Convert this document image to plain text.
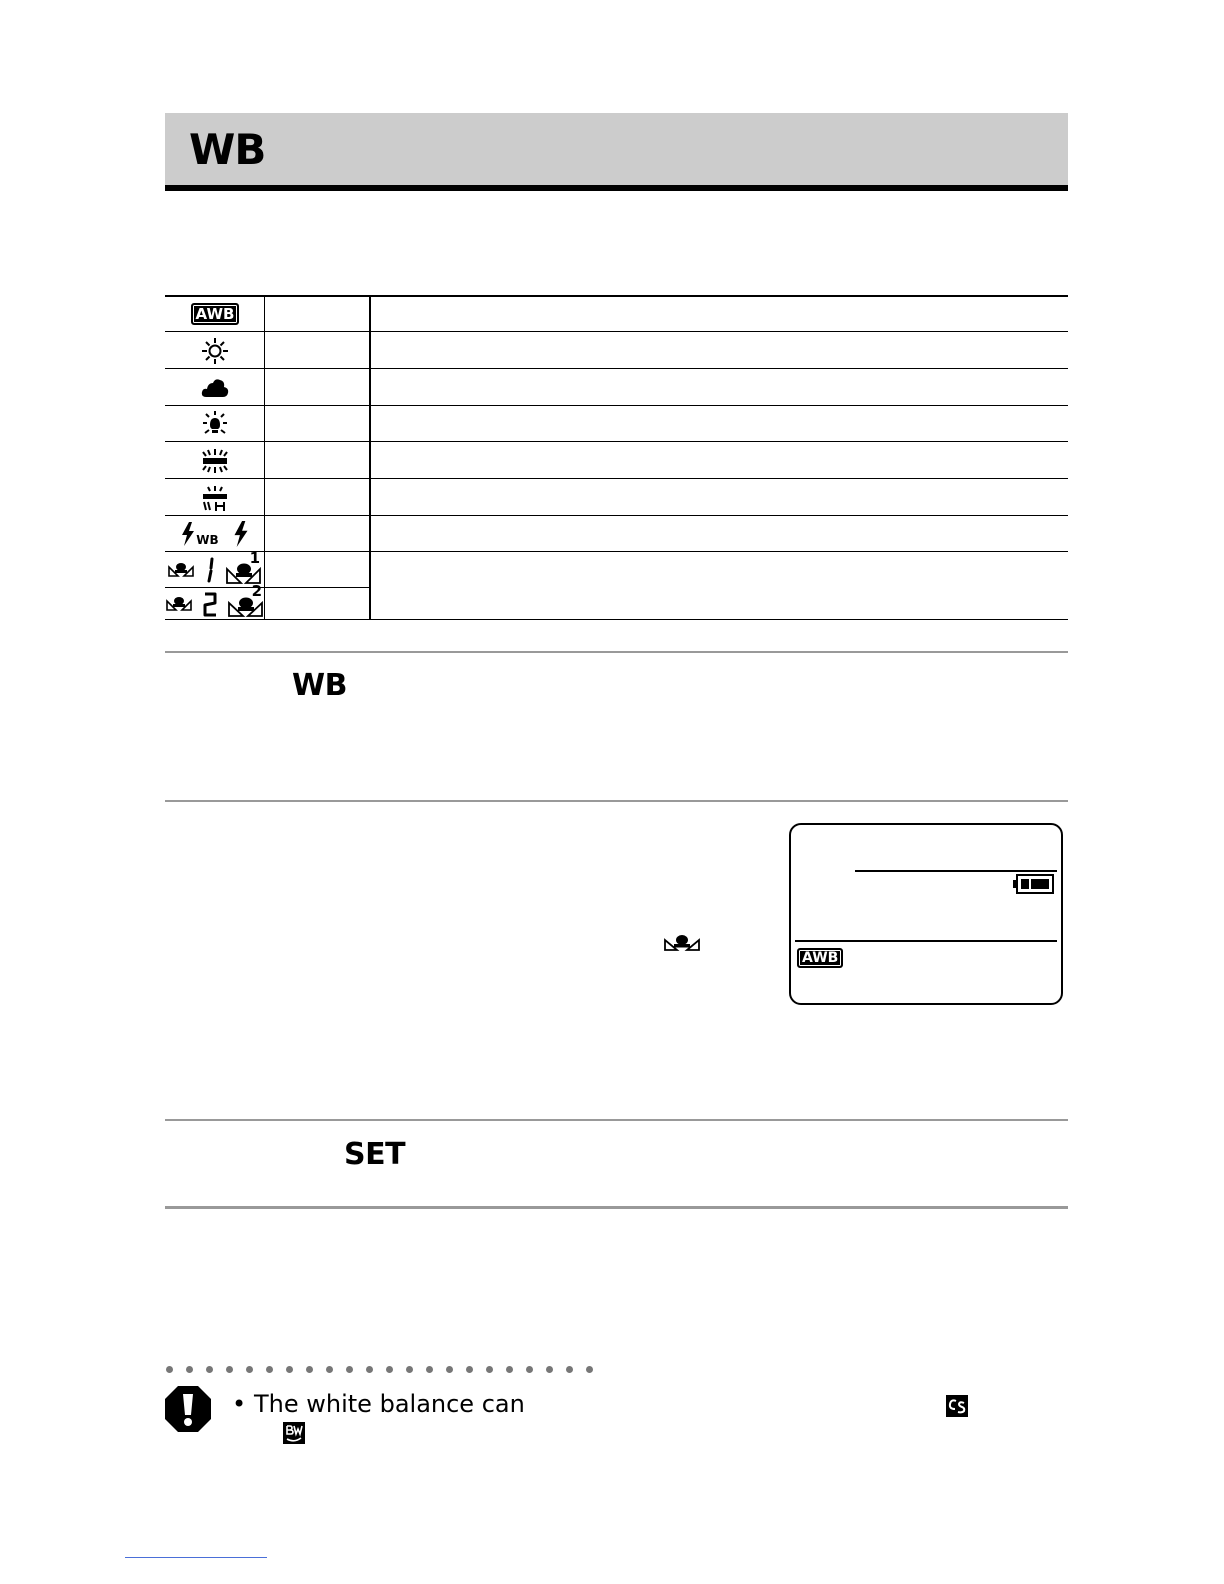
WB
AWB
WB
1
2
WB
AWB
SET
• The white balance can
